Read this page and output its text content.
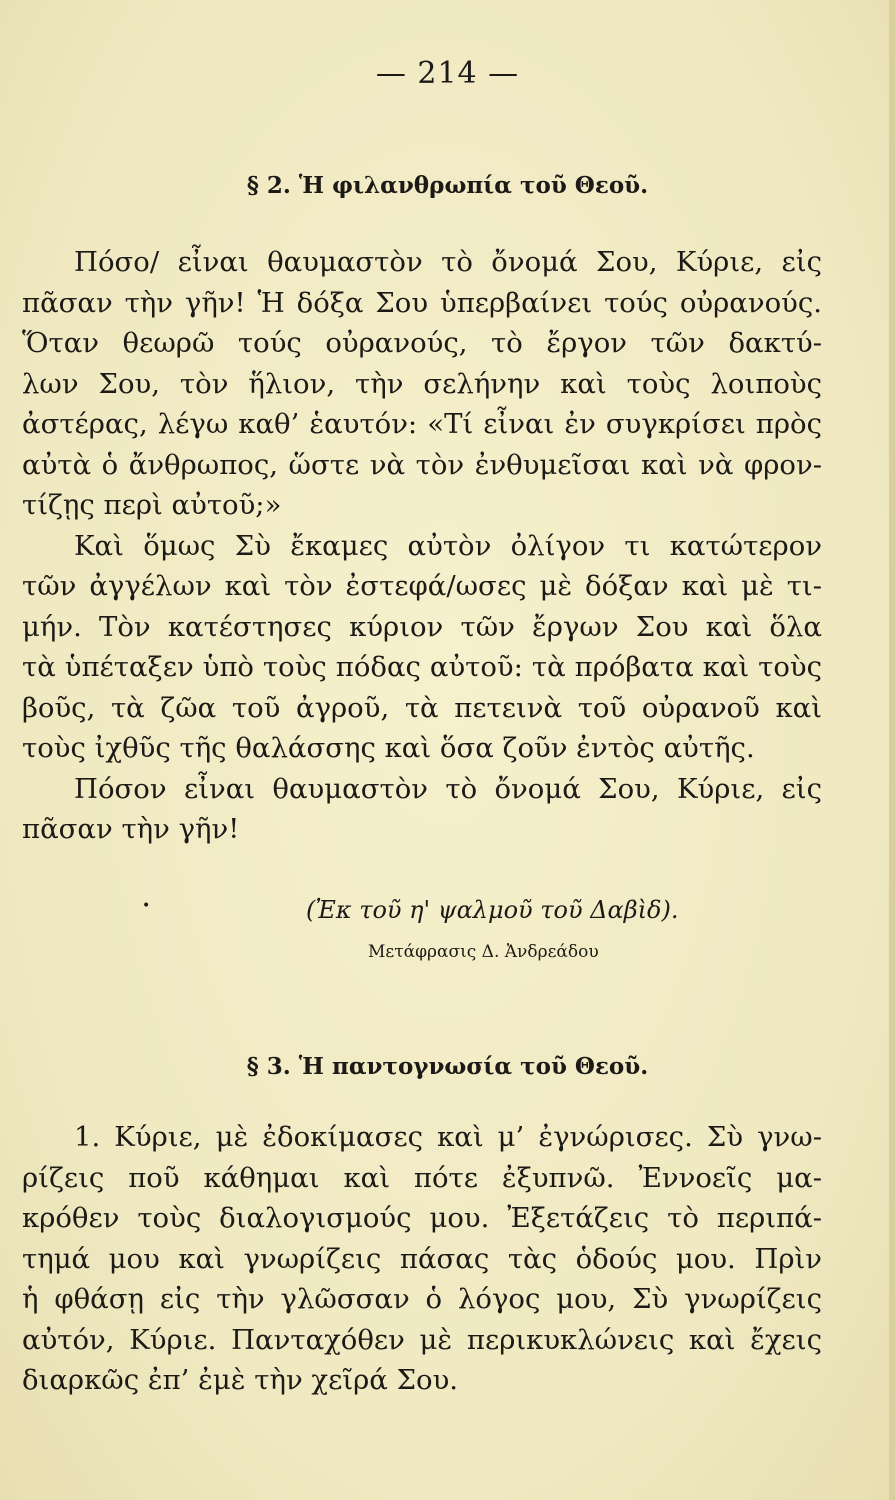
— 214 —
§ 2. Ἡ φιλανθρωπία τοῦ Θεοῦ.
Πόσο/ εἶναι θαυμαστὸν τὸ ὄνομά Σου, Κύριε, εἰς
πᾶσαν τὴν γῆν! Ἡ δόξα Σου ὑπερβαίνει τούς οὐρανούς.
Ὅταν θεωρῶ τούς οὐρανούς, τὸ ἔργον τῶν δακτύ-
λων Σου, τὸν ἥλιον, τὴν σελήνην καὶ τοὺς λοιποὺς
ἀστέρας, λέγω καθ’ ἑαυτόν: «Τί εἶναι ἐν συγκρίσει πρὸς
αὐτὰ ὁ ἄνθρωπος, ὥστε νὰ τὸν ἐνθυμεῖσαι καὶ νὰ φρον-
τίζῃς περὶ αὐτοῦ;»
Καὶ ὅμως Σὺ ἔκαμες αὐτὸν ὀλίγον τι κατώτερον
τῶν ἀγγέλων καὶ τὸν ἐστεφά/ωσες μὲ δόξαν καὶ μὲ τι-
μήν. Τὸν κατέστησες κύριον τῶν ἔργων Σου καὶ ὅλα
τὰ ὑπέταξεν ὑπὸ τοὺς πόδας αὐτοῦ: τὰ πρόβατα καὶ τοὺς
βοῦς, τὰ ζῶα τοῦ ἀγροῦ, τὰ πετεινὰ τοῦ οὐρανοῦ καὶ
τοὺς ἰχθῦς τῆς θαλάσσης καὶ ὅσα ζοῦν ἐντὸς αὐτῆς.
Πόσον εἶναι θαυμαστὸν τὸ ὄνομά Σου, Κύριε, εἰς
πᾶσαν τὴν γῆν!
•	(Ἐκ τοῦ η' ψαλμοῦ τοῦ Δαβὶδ).
Μετάφρασις Δ. Ἀνδρεάδου
§ 3. Ἡ παντογνωσία τοῦ Θεοῦ.
1. Κύριε, μὲ ἐδοκίμασες καὶ μ’ ἐγνώρισες. Σὺ γνω-
ρίζεις ποῦ κάθημαι καὶ πότε ἐξυπνῶ. Ἐννοεῖς μα-
κρόθεν τοὺς διαλογισμούς μου. Ἐξετάζεις τὸ περιπά-
τημά μου καὶ γνωρίζεις πάσας τὰς ὁδούς μου. Πρὶν
ἡ φθάσῃ εἰς τὴν γλῶσσαν ὁ λόγος μου, Σὺ γνωρίζεις
αὐτόν, Κύριε. Πανταχόθεν μὲ περικυκλώνεις καὶ ἔχεις
διαρκῶς ἐπ’ ἐμὲ τὴν χεῖρά Σου.
